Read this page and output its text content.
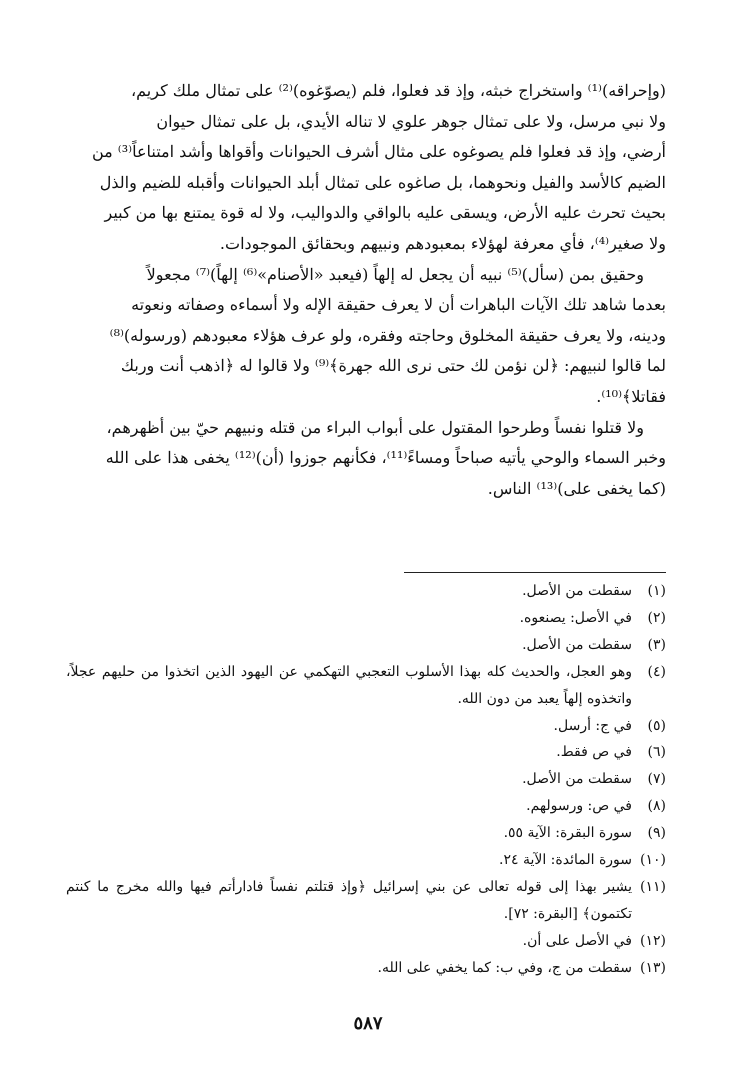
(وإحراقه)⁽¹⁾ واستخراج خبثه، وإذ قد فعلوا، فلم (يصوّغوه)⁽²⁾ على تمثال ملك كريم،
ولا نبي مرسل، ولا على تمثال جوهر علوي لا تناله الأيدي، بل على تمثال حيوان
أرضي، وإذ قد فعلوا فلم يصوغوه على مثال أشرف الحيوانات وأقواها وأشد امتناعاً⁽³⁾ من
الضيم كالأسد والفيل ونحوهما، بل صاغوه على تمثال أبلد الحيوانات وأقبله للضيم والذل
بحيث تحرث عليه الأرض، ويسقى عليه بالواقي والدواليب، ولا له قوة يمتنع بها من كبير
ولا صغير⁽⁴⁾، فأي معرفة لهؤلاء بمعبودهم ونبيهم وبحقائق الموجودات.

وحقيق بمن (سأل)⁽⁵⁾ نبيه أن يجعل له إلهاً (فيعبد «الأصنام»⁽⁶⁾ إلهاً)⁽⁷⁾ مجعولاً
بعدما شاهد تلك الآيات الباهرات أن لا يعرف حقيقة الإله ولا أسماءه وصفاته ونعوته
ودينه، ولا يعرف حقيقة المخلوق وحاجته وفقره، ولو عرف هؤلاء معبودهم (ورسوله)⁽⁸⁾
لما قالوا لنبيهم: ﴿لن نؤمن لك حتى نرى الله جهرة﴾⁽⁹⁾ ولا قالوا له ﴿اذهب أنت وربك
فقاتلا﴾⁽¹⁰⁾.

ولا قتلوا نفساً وطرحوا المقتول على أبواب البراء من قتله ونبيهم حيّ بين أظهرهم،
وخبر السماء والوحي يأتيه صباحاً ومساءً⁽¹¹⁾، فكأنهم جوزوا (أن)⁽¹²⁾ يخفى هذا على الله
(كما يخفى على)⁽¹³⁾ الناس.

(١)
سقطت من الأصل.
(٢)
في الأصل: يصنعوه.
(٣)
سقطت من الأصل.
(٤)
وهو العجل، والحديث كله بهذا الأسلوب التعجبي التهكمي عن اليهود الذين اتخذوا من حليهم عجلاً، واتخذوه إلهاً يعبد من دون الله.
(٥)
في ج: أرسل.
(٦)
في ص فقط.
(٧)
سقطت من الأصل.
(٨)
في ص: ورسولهم.
(٩)
سورة البقرة: الآية ٥٥.
(١٠)
سورة المائدة: الآية ٢٤.
(١١)
يشير بهذا إلى قوله تعالى عن بني إسرائيل ﴿وإذ قتلتم نفساً فادارأتم فيها والله مخرج ما كنتم تكتمون﴾ [البقرة: ٧٢].
(١٢)
في الأصل على أن.
(١٣)
سقطت من ج، وفي ب: كما يخفي على الله.
٥٨٧
